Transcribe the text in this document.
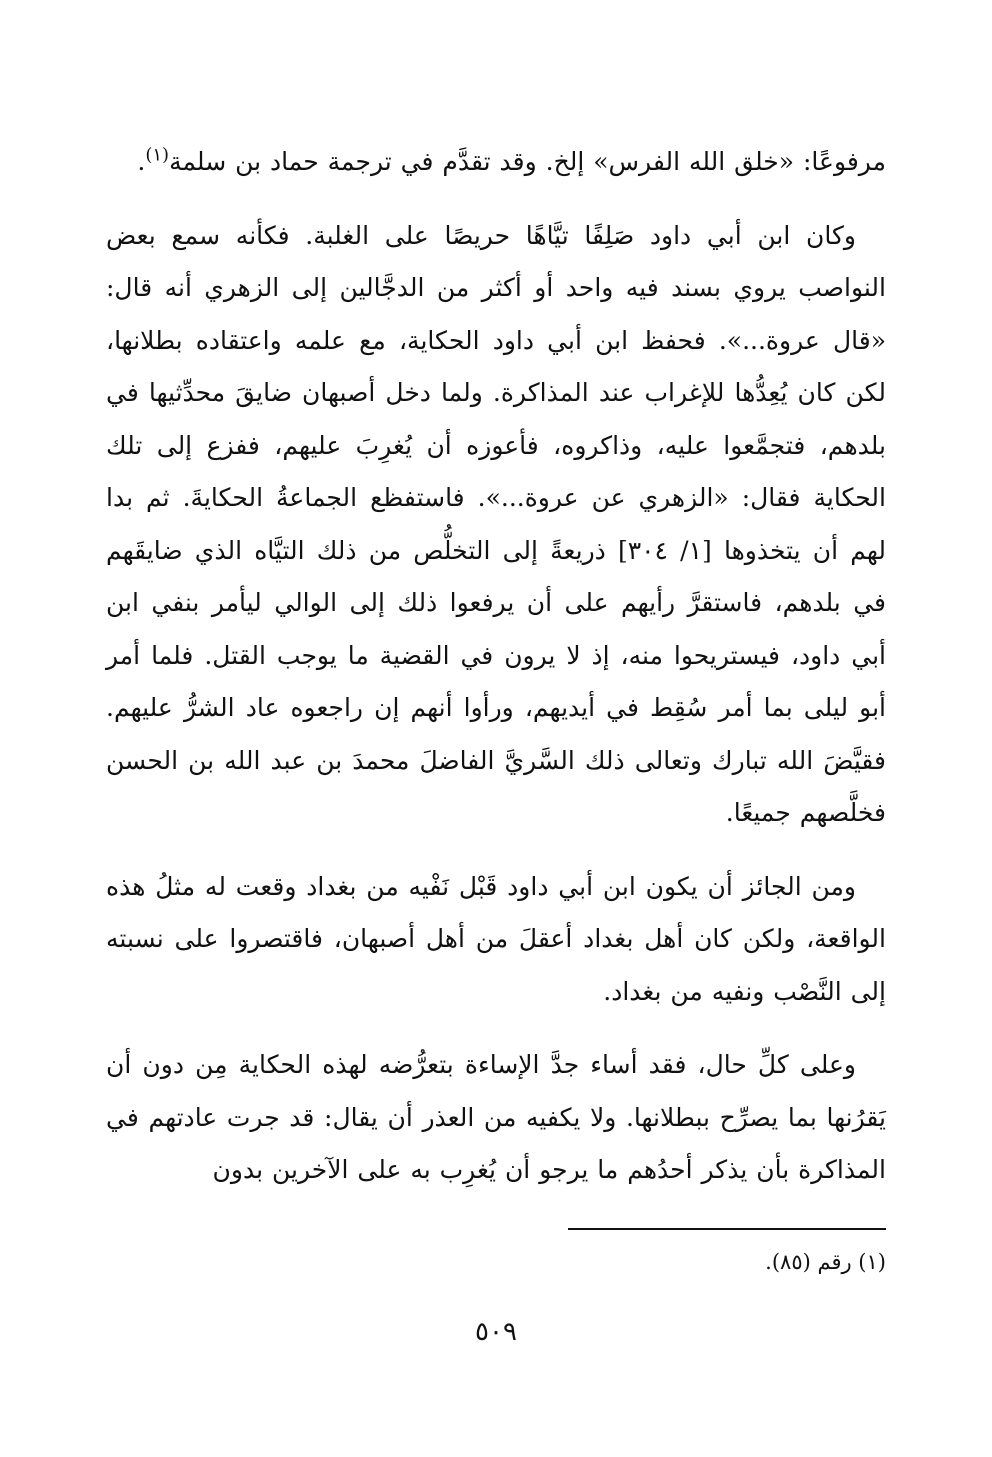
مرفوعًا: «خلق الله الفرس» إلخ. وقد تقدَّم في ترجمة حماد بن سلمة$^{(١)}$.

وكان ابن أبي داود صَلِفًا تيَّاهًا حريصًا على الغلبة. فكأنه سمع بعض النواصب يروي بسند فيه واحد أو أكثر من الدجَّالين إلى الزهري أنه قال: «قال عروة...». فحفظ ابن أبي داود الحكاية، مع علمه واعتقاده بطلانها، لكن كان يُعِدُّها للإغراب عند المذاكرة. ولما دخل أصبهان ضايقَ محدِّثيها في بلدهم، فتجمَّعوا عليه، وذاكروه، فأعوزه أن يُغرِبَ عليهم، ففزع إلى تلك الحكاية فقال: «الزهري عن عروة...». فاستفظع الجماعةُ الحكايةَ. ثم بدا لهم أن يتخذوها [١/ ٣٠٤] ذريعةً إلى التخلُّص من ذلك التيَّاه الذي ضايقَهم في بلدهم، فاستقرَّ رأيهم على أن يرفعوا ذلك إلى الوالي ليأمر بنفي ابن أبي داود، فيستريحوا منه، إذ لا يرون في القضية ما يوجب القتل. فلما أمر أبو ليلى بما أمر سُقِط في أيديهم، ورأوا أنهم إن راجعوه عاد الشرُّ عليهم. فقيَّضَ الله تبارك وتعالى ذلك السَّريَّ الفاضلَ محمدَ بن عبد الله بن الحسن فخلَّصهم جميعًا.

ومن الجائز أن يكون ابن أبي داود قَبْل نَفْيه من بغداد وقعت له مثلُ هذه الواقعة، ولكن كان أهل بغداد أعقلَ من أهل أصبهان، فاقتصروا على نسبته إلى النَّصْب ونفيه من بغداد.

وعلى كلِّ حال، فقد أساء جدَّ الإساءة بتعرُّضه لهذه الحكاية مِن دون أن يَقرُنها بما يصرِّح ببطلانها. ولا يكفيه من العذر أن يقال: قد جرت عادتهم في المذاكرة بأن يذكر أحدُهم ما يرجو أن يُغرِب به على الآخرين بدون

(١) رقم (٨٥).
٥٠٩
